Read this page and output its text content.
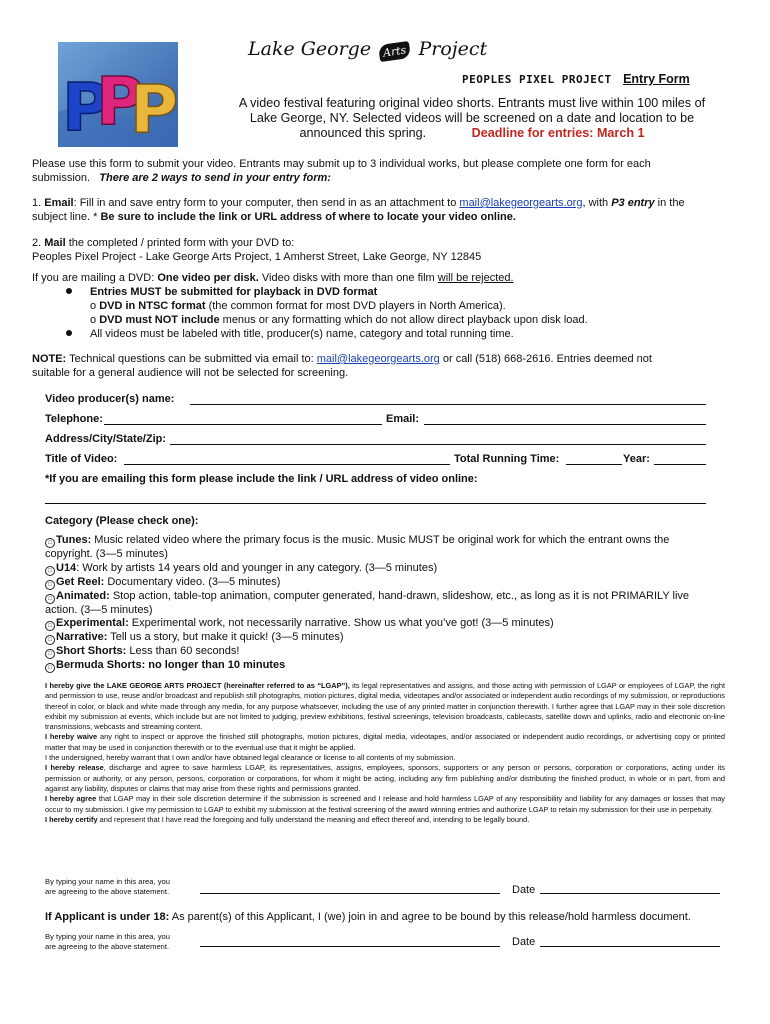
P
P
P
Lake George Arts Project
PEOPLES PIXEL PROJECT Entry Form
A video festival featuring original video shorts. Entrants must live within 100 miles of
Lake George, NY. Selected videos will be screened on a date and location to be
announced this spring.	Deadline for entries: March 1
Please use this form to submit your video. Entrants may submit up to 3 individual works, but please complete one form for each
submission. There are 2 ways to send in your entry form:
1. Email: Fill in and save entry form to your computer, then send in as an attachment to mail@lakegeorgearts.org, with P3 entry in the
subject line. * Be sure to include the link or URL address of where to locate your video online.
2. Mail the completed / printed form with your DVD to:
Peoples Pixel Project - Lake George Arts Project, 1 Amherst Street, Lake George, NY 12845
If you are mailing a DVD: One video per disk. Video disks with more than one film will be rejected.
Entries MUST be submitted for playback in DVD format
o DVD in NTSC format (the common format for most DVD players in North America).
o DVD must NOT include menus or any formatting which do not allow direct playback upon disk load.
All videos must be labeled with title, producer(s) name, category and total running time.
NOTE: Technical questions can be submitted via email to: mail@lakegeorgearts.org or call (518) 668-2616. Entries deemed not
suitable for a general audience will not be selected for screening.
Video producer(s) name:
Telephone:	Email:
Address/City/State/Zip:
Title of Video:	Total Running Time:	Year:
*If you are emailing this form please include the link / URL address of video online:
Category (Please check one):
□ Tunes: Music related video where the primary focus is the music. Music MUST be original work for which the entrant owns the
copyright. (3—5 minutes)
□ U14: Work by artists 14 years old and younger in any category. (3—5 minutes)
□ Get Reel: Documentary video. (3—5 minutes)
□ Animated: Stop action, table-top animation, computer generated, hand-drawn, slideshow, etc., as long as it is not PRIMARILY live
action. (3—5 minutes)
□ Experimental: Experimental work, not necessarily narrative. Show us what you’ve got! (3—5 minutes)
□ Narrative: Tell us a story, but make it quick! (3—5 minutes)
□ Short Shorts: Less than 60 seconds!
□ Bermuda Shorts: no longer than 10 minutes
I hereby give the LAKE GEORGE ARTS PROJECT (hereinafter referred to as “LGAP”), its legal representatives and assigns, and those acting with permission of LGAP or employees of LGAP, the right and permission to use, reuse and/or broadcast and republish still photographs, motion pictures, digital media, videotapes and/or associated or independent audio recordings of my submission, or reproductions thereof in color, or black and white made through any media, for any purpose whatsoever, including the use of any printed matter in conjunction therewith. I further agree that LGAP may in their sole discretion exhibit my submission at events, which include but are not limited to judging, preview exhibitions, festival screenings, television broadcasts, cablecasts, satellite down and uplinks, radio and electronic on-line transmissions, webcasts and streaming content.
I hereby waive any right to inspect or approve the finished still photographs, motion pictures, digital media, videotapes, and/or associated or independent audio recordings, or advertising copy or printed matter that may be used in conjunction therewith or to the eventual use that it might be applied.
I the undersigned, hereby warrant that I own and/or have obtained legal clearance or license to all contents of my submission.
I hereby release, discharge and agree to save harmless LGAP, its representatives, assigns, employees, sponsors, supporters or any person or persons, corporation or corporations, acting under its permission or authority, or any person, persons, corporation or corporations, for whom it might be acting, including any firm publishing and/or distributing the finished product, in whole or in part, from and against any liability, disputes or claims that may arise from these rights and permissions granted.
I hereby agree that LGAP may in their sole discretion determine if the submission is screened and I release and hold harmless LGAP of any responsibility and liability for any damages or losses that may occur to my submission. I give my permission to LGAP to exhibit my submission at the festival screening of the award winning entries and authorize LGAP to retain my submission for their use in perpetuity.
I hereby certify and represent that I have read the foregoing and fully understand the meaning and effect thereof and, intending to be legally bound.
By typing your name in this area, you
are agreeing to the above statement.	Date
If Applicant is under 18: As parent(s) of this Applicant, I (we) join in and agree to be bound by this release/hold harmless document.
By typing your name in this area, you
are agreeing to the above statement.	Date
